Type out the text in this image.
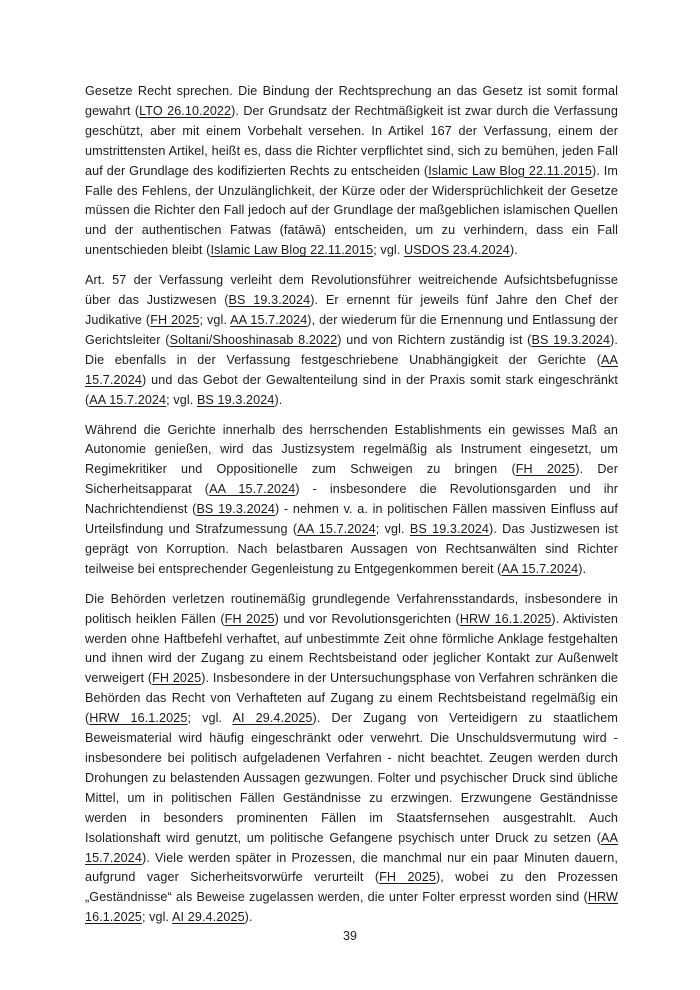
Gesetze Recht sprechen. Die Bindung der Rechtsprechung an das Gesetz ist somit formal gewahrt (LTO 26.10.2022). Der Grundsatz der Rechtmäßigkeit ist zwar durch die Verfassung geschützt, aber mit einem Vorbehalt versehen. In Artikel 167 der Verfassung, einem der umstrittensten Artikel, heißt es, dass die Richter verpflichtet sind, sich zu bemühen, jeden Fall auf der Grundlage des kodifizierten Rechts zu entscheiden (Islamic Law Blog 22.11.2015). Im Falle des Fehlens, der Unzulänglichkeit, der Kürze oder der Widersprüchlichkeit der Gesetze müssen die Richter den Fall jedoch auf der Grundlage der maßgeblichen islamischen Quellen und der authentischen Fatwas (fatāwā) entscheiden, um zu verhindern, dass ein Fall unentschieden bleibt (Islamic Law Blog 22.11.2015; vgl. USDOS 23.4.2024).

Art. 57 der Verfassung verleiht dem Revolutionsführer weitreichende Aufsichtsbefugnisse über das Justizwesen (BS 19.3.2024). Er ernennt für jeweils fünf Jahre den Chef der Judikative (FH 2025; vgl. AA 15.7.2024), der wiederum für die Ernennung und Entlassung der Gerichtsleiter (Soltani/Shooshinasab 8.2022) und von Richtern zuständig ist (BS 19.3.2024). Die ebenfalls in der Verfassung festgeschriebene Unabhängigkeit der Gerichte (AA 15.7.2024) und das Gebot der Gewaltenteilung sind in der Praxis somit stark eingeschränkt (AA 15.7.2024; vgl. BS 19.3.2024).

Während die Gerichte innerhalb des herrschenden Establishments ein gewisses Maß an Autonomie genießen, wird das Justizsystem regelmäßig als Instrument eingesetzt, um Regimekritiker und Oppositionelle zum Schweigen zu bringen (FH 2025). Der Sicherheitsapparat (AA 15.7.2024) - insbesondere die Revolutionsgarden und ihr Nachrichtendienst (BS 19.3.2024) - nehmen v. a. in politischen Fällen massiven Einfluss auf Urteilsfindung und Strafzumessung (AA 15.7.2024; vgl. BS 19.3.2024). Das Justizwesen ist geprägt von Korruption. Nach belastbaren Aussagen von Rechtsanwälten sind Richter teilweise bei entsprechender Gegenleistung zu Entgegenkommen bereit (AA 15.7.2024).

Die Behörden verletzen routinemäßig grundlegende Verfahrensstandards, insbesondere in politisch heiklen Fällen (FH 2025) und vor Revolutionsgerichten (HRW 16.1.2025). Aktivisten werden ohne Haftbefehl verhaftet, auf unbestimmte Zeit ohne förmliche Anklage festgehalten und ihnen wird der Zugang zu einem Rechtsbeistand oder jeglicher Kontakt zur Außenwelt verweigert (FH 2025). Insbesondere in der Untersuchungsphase von Verfahren schränken die Behörden das Recht von Verhafteten auf Zugang zu einem Rechtsbeistand regelmäßig ein (HRW 16.1.2025; vgl. AI 29.4.2025). Der Zugang von Verteidigern zu staatlichem Beweismaterial wird häufig eingeschränkt oder verwehrt. Die Unschuldsvermutung wird - insbesondere bei politisch aufgeladenen Verfahren - nicht beachtet. Zeugen werden durch Drohungen zu belastenden Aussagen gezwungen. Folter und psychischer Druck sind übliche Mittel, um in politischen Fällen Geständnisse zu erzwingen. Erzwungene Geständnisse werden in besonders prominenten Fällen im Staatsfernsehen ausgestrahlt. Auch Isolationshaft wird genutzt, um politische Gefangene psychisch unter Druck zu setzen (AA 15.7.2024). Viele werden später in Prozessen, die manchmal nur ein paar Minuten dauern, aufgrund vager Sicherheitsvorwürfe verurteilt (FH 2025), wobei zu den Prozessen „Geständnisse“ als Beweise zugelassen werden, die unter Folter erpresst worden sind (HRW 16.1.2025; vgl. AI 29.4.2025).

39
